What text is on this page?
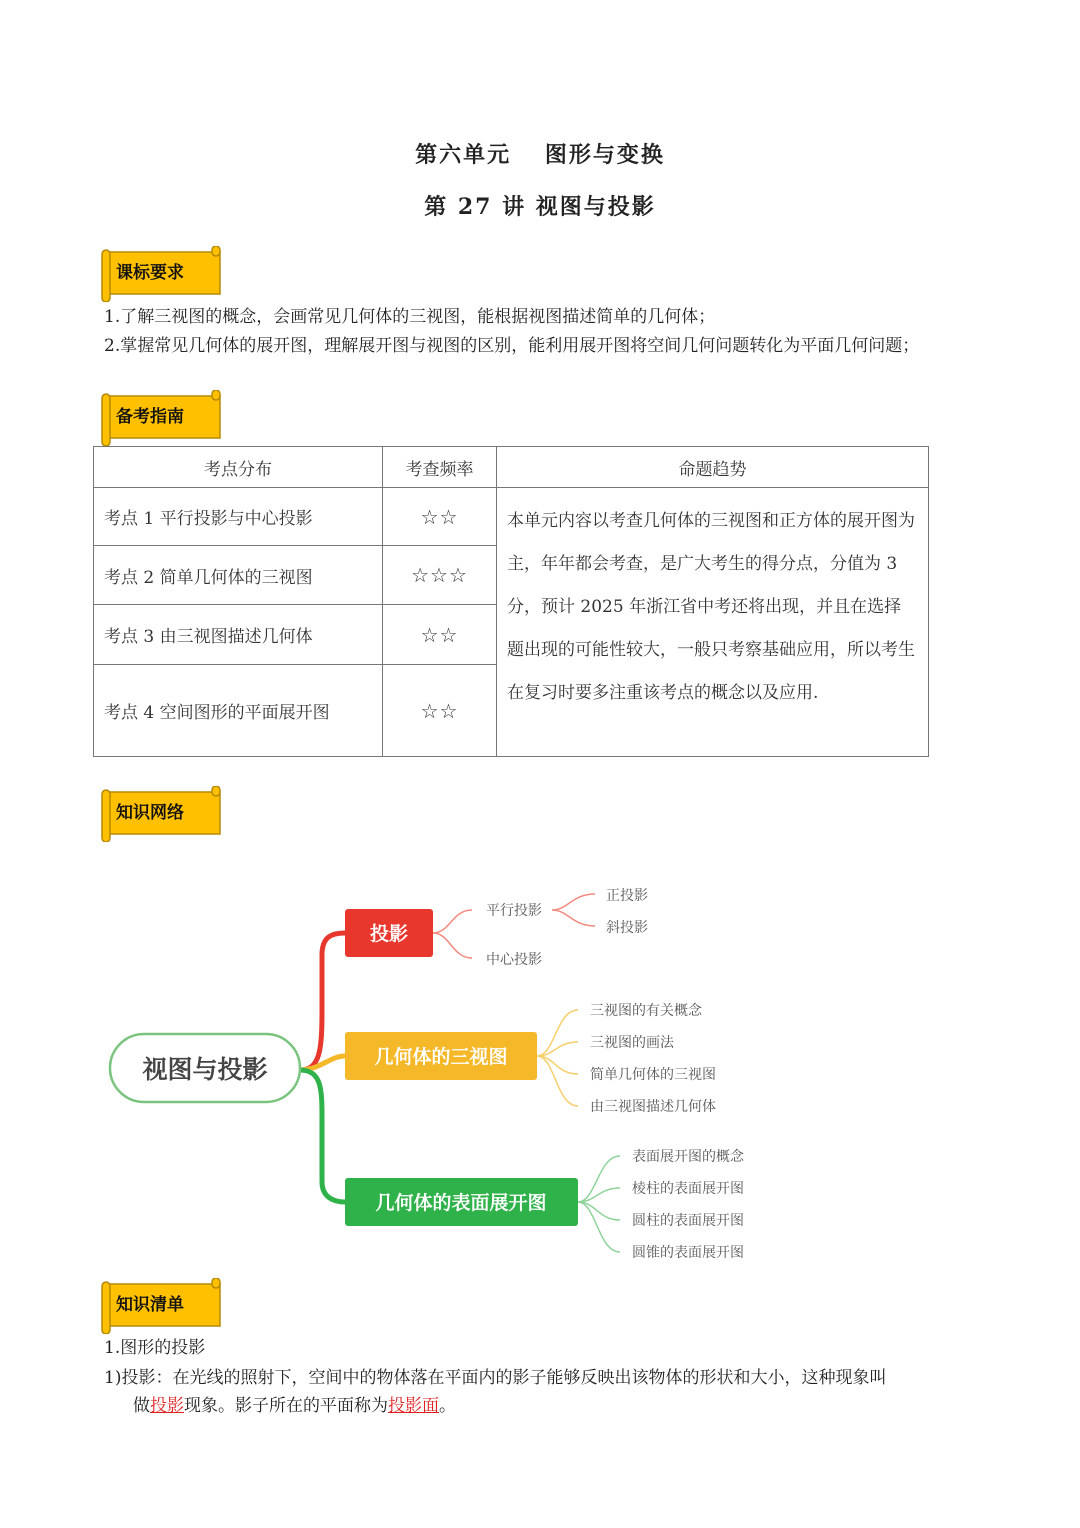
第六单元　 图形与变换
第 27 讲 视图与投影
课标要求
1.了解三视图的概念，会画常见几何体的三视图，能根据视图描述简单的几何体；
2.掌握常见几何体的展开图，理解展开图与视图的区别，能利用展开图将空间几何问题转化为平面几何问题；
备考指南
考点分布	考查频率	命题趋势
考点 1 平行投影与中心投影	☆☆	本单元内容以考查几何体的三视图和正方体的展开图为主，年年都会考查，是广大考生的得分点，分值为 3 分，预计 2025 年浙江省中考还将出现，并且在选择题出现的可能性较大，一般只考察基础应用，所以考生在复习时要多注重该考点的概念以及应用.
考点 2 简单几何体的三视图	☆☆☆	
考点 3 由三视图描述几何体	☆☆	
考点 4 空间图形的平面展开图	☆☆	
知识网络
视图与投影
投影
平行投影
中心投影
正投影
斜投影
几何体的三视图
三视图的有关概念
三视图的画法
简单几何体的三视图
由三视图描述几何体
几何体的表面展开图
表面展开图的概念
棱柱的表面展开图
圆柱的表面展开图
圆锥的表面展开图
知识清单
1.图形的投影
1)投影：在光线的照射下，空间中的物体落在平面内的影子能够反映出该物体的形状和大小，这种现象叫
做投影现象。影子所在的平面称为投影面。
